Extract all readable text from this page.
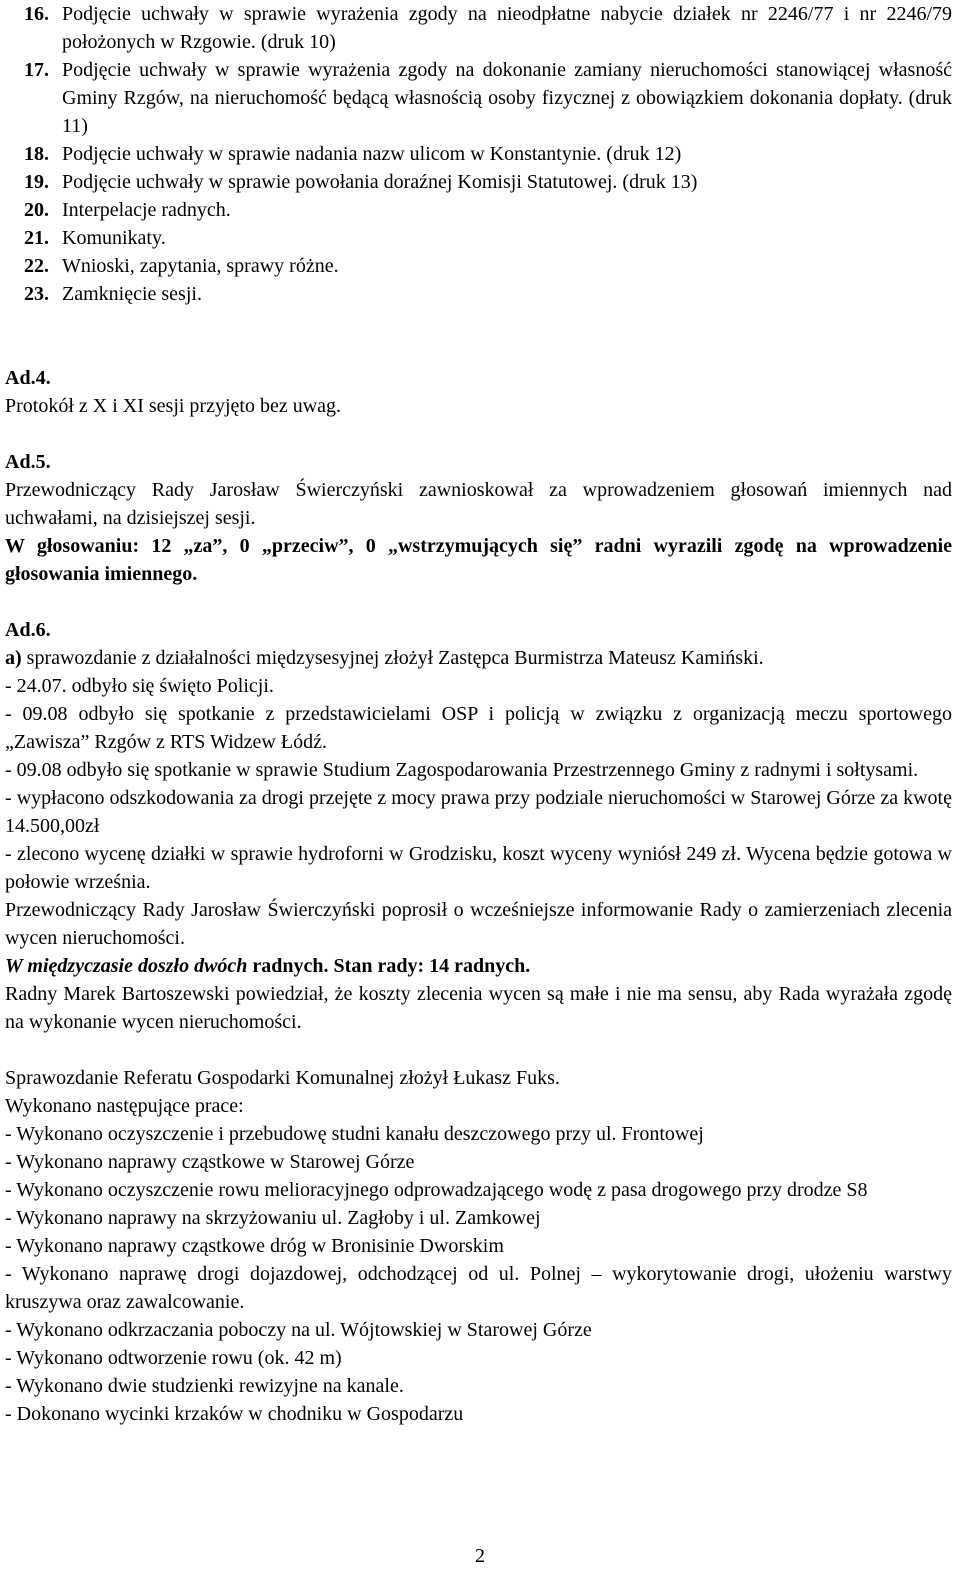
16. Podjęcie uchwały w sprawie wyrażenia zgody na nieodpłatne nabycie działek nr 2246/77 i nr 2246/79 położonych w Rzgowie. (druk 10)
17. Podjęcie uchwały w sprawie wyrażenia zgody na dokonanie zamiany nieruchomości stanowiącej własność Gminy Rzgów, na nieruchomość będącą własnością osoby fizycznej z obowiązkiem dokonania dopłaty. (druk 11)
18. Podjęcie uchwały w sprawie nadania nazw ulicom w Konstantynie. (druk 12)
19. Podjęcie uchwały w sprawie powołania doraźnej Komisji Statutowej. (druk 13)
20. Interpelacje radnych.
21. Komunikaty.
22. Wnioski, zapytania, sprawy różne.
23. Zamknięcie sesji.

Ad.4.

Protokół z X i XI sesji przyjęto bez uwag.

Ad.5.

Przewodniczący Rady Jarosław Świerczyński zawnioskował za wprowadzeniem głosowań imiennych nad uchwałami, na dzisiejszej sesji.

W głosowaniu: 12 „za”, 0 „przeciw”, 0 „wstrzymujących się” radni wyrazili zgodę na wprowadzenie głosowania imiennego.

Ad.6.

a) sprawozdanie z działalności międzysesyjnej złożył Zastępca Burmistrza Mateusz Kamiński.

- 24.07. odbyło się święto Policji.

- 09.08 odbyło się spotkanie z przedstawicielami OSP i policją w związku z organizacją meczu sportowego „Zawisza” Rzgów z RTS Widzew Łódź.

- 09.08 odbyło się spotkanie w sprawie Studium Zagospodarowania Przestrzennego Gminy z radnymi i sołtysami.

- wypłacono odszkodowania za drogi przejęte z mocy prawa przy podziale nieruchomości w Starowej Górze za kwotę 14.500,00zł

- zlecono wycenę działki w sprawie hydroforni w Grodzisku, koszt wyceny wyniósł 249 zł. Wycena będzie gotowa w połowie września.

Przewodniczący Rady Jarosław Świerczyński poprosił o wcześniejsze informowanie Rady o zamierzeniach zlecenia wycen nieruchomości.

W międzyczasie doszło dwóch radnych. Stan rady: 14 radnych.

Radny Marek Bartoszewski powiedział, że koszty zlecenia wycen są małe i nie ma sensu, aby Rada wyrażała zgodę na wykonanie wycen nieruchomości.

Sprawozdanie Referatu Gospodarki Komunalnej złożył Łukasz Fuks.

Wykonano następujące prace:

- Wykonano oczyszczenie i przebudowę studni kanału deszczowego przy ul. Frontowej

- Wykonano naprawy cząstkowe w Starowej Górze

- Wykonano oczyszczenie rowu melioracyjnego odprowadzającego wodę z pasa drogowego przy drodze S8

- Wykonano naprawy na skrzyżowaniu ul. Zagłoby i ul. Zamkowej

- Wykonano naprawy cząstkowe dróg w Bronisinie Dworskim

- Wykonano naprawę drogi dojazdowej, odchodzącej od ul. Polnej – wykorytowanie drogi, ułożeniu warstwy kruszywa oraz zawalcowanie.

- Wykonano odkrzaczania poboczy na ul. Wójtowskiej w Starowej Górze

- Wykonano odtworzenie rowu (ok. 42 m)

- Wykonano dwie studzienki rewizyjne na kanale.

- Dokonano wycinki krzaków w chodniku w Gospodarzu

2
